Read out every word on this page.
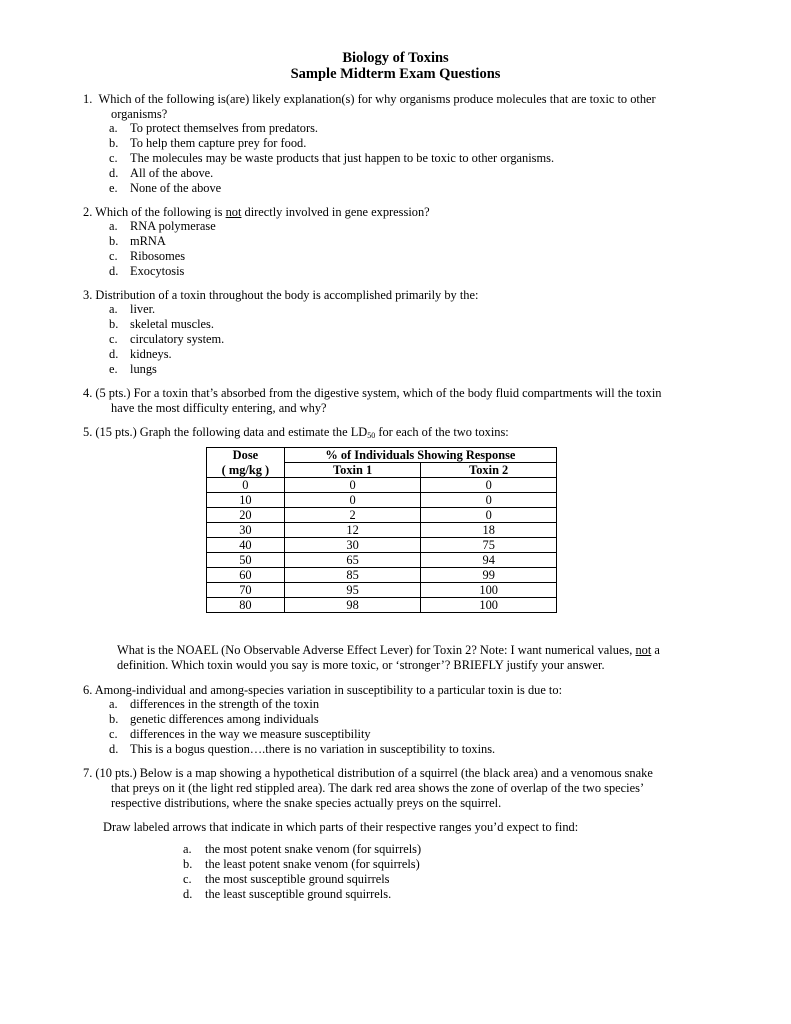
Biology of Toxins
Sample Midterm Exam Questions
1. Which of the following is(are) likely explanation(s) for why organisms produce molecules that are toxic to other
organisms?
a. To protect themselves from predators.
b. To help them capture prey for food.
c. The molecules may be waste products that just happen to be toxic to other organisms.
d. All of the above.
e. None of the above
2. Which of the following is not directly involved in gene expression?
a. RNA polymerase
b. mRNA
c. Ribosomes
d. Exocytosis
3. Distribution of a toxin throughout the body is accomplished primarily by the:
a. liver.
b. skeletal muscles.
c. circulatory system.
d. kidneys.
e. lungs
4. (5 pts.) For a toxin that’s absorbed from the digestive system, which of the body fluid compartments will the toxin
have the most difficulty entering, and why?
5. (15 pts.) Graph the following data and estimate the $LD_{50}$ for each of the two toxins:
Dose	% of Individuals Showing Response	
( mg/kg )	Toxin 1	Toxin 2
0	0	0
10	0	0
20	2	0
30	12	18
40	30	75
50	65	94
60	85	99
70	95	100
80	98	100
What is the NOAEL (No Observable Adverse Effect Lever) for Toxin 2? Note: I want numerical values, not a
definition. Which toxin would you say is more toxic, or ‘stronger’? BRIEFLY justify your answer.
6. Among-individual and among-species variation in susceptibility to a particular toxin is due to:
a. differences in the strength of the toxin
b. genetic differences among individuals
c. differences in the way we measure susceptibility
d. This is a bogus question….there is no variation in susceptibility to toxins.
7. (10 pts.) Below is a map showing a hypothetical distribution of a squirrel (the black area) and a venomous snake
that preys on it (the light red stippled area). The dark red area shows the zone of overlap of the two species’
respective distributions, where the snake species actually preys on the squirrel.
Draw labeled arrows that indicate in which parts of their respective ranges you’d expect to find:
a.	the most potent snake venom (for squirrels)
b.	the least potent snake venom (for squirrels)
c.	the most susceptible ground squirrels
d.	the least susceptible ground squirrels.
